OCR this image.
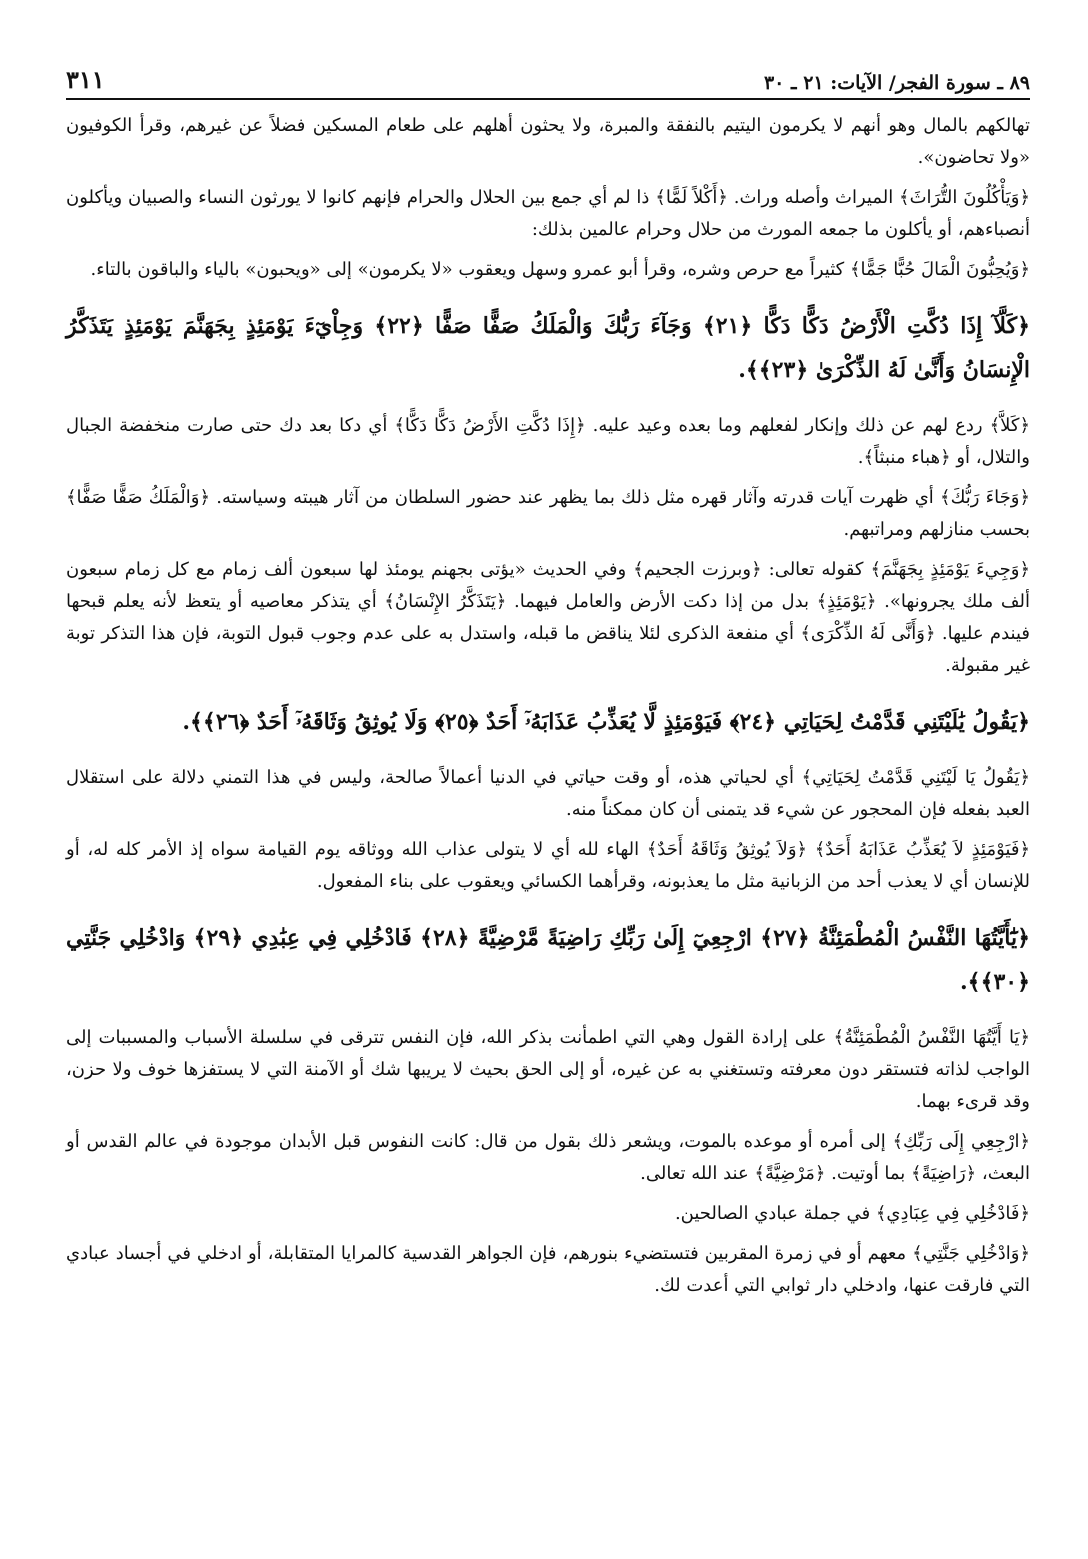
٨٩ ـ سورة الفجر/ الآيات: ٢١ ـ ٣٠
٣١١

تهالكهم بالمال وهو أنهم لا يكرمون اليتيم بالنفقة والمبرة، ولا يحثون أهلهم على طعام المسكين فضلاً عن غيرهم، وقرأ الكوفيون «ولا تحاضون».

﴿وَيَأْكُلُونَ التُّرَاثَ﴾ الميراث وأصله وراث. ﴿أَكْلاً لَمًّا﴾ ذا لم أي جمع بين الحلال والحرام فإنهم كانوا لا يورثون النساء والصبيان ويأكلون أنصباءهم، أو يأكلون ما جمعه المورث من حلال وحرام عالمين بذلك:

﴿وَيُحِبُّونَ الْمَالَ حُبًّا جَمًّا﴾ كثيراً مع حرص وشره، وقرأ أبو عمرو وسهل ويعقوب «لا يكرمون» إلى «ويحبون» بالياء والباقون بالتاء.

﴿كَلَّآ إِذَا دُكَّتِ الْأَرْضُ دَكًّا دَكًّا ﴿٢١﴾ وَجَآءَ رَبُّكَ وَالْمَلَكُ صَفًّا صَفًّا ﴿٢٢﴾ وَجِاْيٓءَ يَوْمَئِذٍ بِجَهَنَّمَ يَوْمَئِذٍ يَتَذَكَّرُ الْإِنسَانُ وَأَنَّىٰ لَهُ الذِّكْرَىٰ ﴿٢٣﴾﴾.

﴿كَلاَّ﴾ ردع لهم عن ذلك وإنكار لفعلهم وما بعده وعيد عليه. ﴿إِذَا دُكَّتِ الأَرْضُ دَكًّا دَكًّا﴾ أي دكا بعد دك حتى صارت منخفضة الجبال والتلال، أو ﴿هباء منبثاً﴾.

﴿وَجَاءَ رَبُّكَ﴾ أي ظهرت آيات قدرته وآثار قهره مثل ذلك بما يظهر عند حضور السلطان من آثار هيبته وسياسته. ﴿وَالْمَلَكُ صَفًّا صَفًّا﴾ بحسب منازلهم ومراتبهم.

﴿وَجِيءَ يَوْمَئِذٍ بِجَهَنَّمَ﴾ كقوله تعالى: ﴿وبرزت الجحيم﴾ وفي الحديث «يؤتى بجهنم يومئذ لها سبعون ألف زمام مع كل زمام سبعون ألف ملك يجرونها». ﴿يَوْمَئِذٍ﴾ بدل من إذا دكت الأرض والعامل فيهما. ﴿يَتَذَكَّرُ الإِنْسَانُ﴾ أي يتذكر معاصيه أو يتعظ لأنه يعلم قبحها فيندم عليها. ﴿وَأَنَّى لَهُ الذِّكْرَى﴾ أي منفعة الذكرى لئلا يناقض ما قبله، واستدل به على عدم وجوب قبول التوبة، فإن هذا التذكر توبة غير مقبولة.

﴿يَقُولُ يَٰلَيْتَنِي قَدَّمْتُ لِحَيَاتِي ﴿٢٤﴾ فَيَوْمَئِذٍ لَّا يُعَذِّبُ عَذَابَهُۥٓ أَحَدٌ ﴿٢٥﴾ وَلَا يُوثِقُ وَثَاقَهُۥٓ أَحَدٌ ﴿٢٦﴾﴾.

﴿يَقُولُ يَا لَيْتَنِي قَدَّمْتُ لِحَيَاتِي﴾ أي لحياتي هذه، أو وقت حياتي في الدنيا أعمالاً صالحة، وليس في هذا التمني دلالة على استقلال العبد بفعله فإن المحجور عن شيء قد يتمنى أن كان ممكناً منه.

﴿فَيَوْمَئِذٍ لاَ يُعَذِّبُ عَذَابَهُ أَحَدٌ﴾ ﴿وَلاَ يُوثِقُ وَثَاقَهُ أَحَدٌ﴾ الهاء لله أي لا يتولى عذاب الله ووثاقه يوم القيامة سواه إذ الأمر كله له، أو للإنسان أي لا يعذب أحد من الزبانية مثل ما يعذبونه، وقرأهما الكسائي ويعقوب على بناء المفعول.

﴿يَٰٓأَيَّتُهَا النَّفْسُ الْمُطْمَئِنَّةُ ﴿٢٧﴾ ارْجِعِيٓ إِلَىٰ رَبِّكِ رَاضِيَةً مَّرْضِيَّةً ﴿٢٨﴾ فَادْخُلِي فِي عِبَٰدِي ﴿٢٩﴾ وَادْخُلِي جَنَّتِي ﴿٣٠﴾﴾.

﴿يَا أَيَّتُهَا النَّفْسُ الْمُطْمَئِنَّةُ﴾ على إرادة القول وهي التي اطمأنت بذكر الله، فإن النفس تترقى في سلسلة الأسباب والمسببات إلى الواجب لذاته فتستقر دون معرفته وتستغني به عن غيره، أو إلى الحق بحيث لا يريبها شك أو الآمنة التي لا يستفزها خوف ولا حزن، وقد قرىء بهما.

﴿ارْجِعِي إِلَى رَبِّكِ﴾ إلى أمره أو موعده بالموت، ويشعر ذلك بقول من قال: كانت النفوس قبل الأبدان موجودة في عالم القدس أو البعث، ﴿رَاضِيَةً﴾ بما أوتيت. ﴿مَرْضِيَّةً﴾ عند الله تعالى.

﴿فَادْخُلِي فِي عِبَادِي﴾ في جملة عبادي الصالحين.

﴿وَادْخُلِي جَنَّتِي﴾ معهم أو في زمرة المقربين فتستضيء بنورهم، فإن الجواهر القدسية كالمرايا المتقابلة، أو ادخلي في أجساد عبادي التي فارقت عنها، وادخلي دار ثوابي التي أعدت لك.
